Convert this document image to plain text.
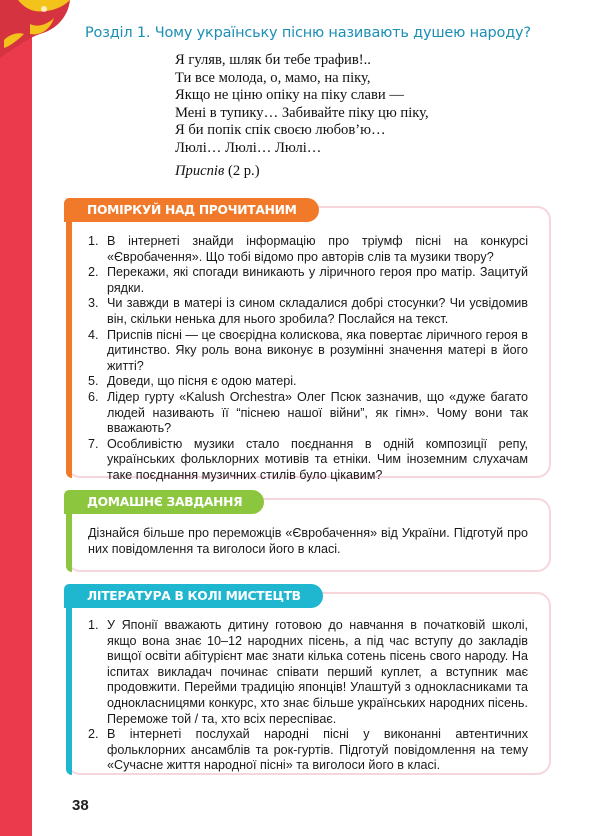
Розділ 1. Чому українську пісню називають душею народу?
Я гуляв, шляк би тебе трафив!..
Ти все молода, о, мамо, на піку,
Якщо не ціню опіку на піку слави —
Мені в тупику… Забивайте піку цю піку,
Я би попік спік своєю любов’ю…
Люлі… Люлі… Люлі…
Приспів (2 р.)
ПОМІРКУЙ НАД ПРОЧИТАНИМ
1. В інтернеті знайди інформацію про тріумф пісні на конкурсі «Євробачення». Що тобі відомо про авторів слів та музики твору?
2. Перекажи, які спогади виникають у ліричного героя про матір. Зацитуй рядки.
3. Чи завжди в матері із сином складалися добрі стосунки? Чи усвідомив він, скільки ненька для нього зробила? Послайся на текст.
4. Приспів пісні — це своєрідна колискова, яка повертає ліричного героя в дитинство. Яку роль вона виконує в розумінні значення матері в його житті?
5. Доведи, що пісня є одою матері.
6. Лідер гурту «Kalush Orchestra» Олег Псюк зазначив, що «дуже багато людей називають її “піснею нашої війни”, як гімн». Чому вони так вважають?
7. Особливістю музики стало поєднання в одній композиції репу, українських фольклорних мотивів та етніки. Чим іноземним слухачам таке поєднання музичних стилів було цікавим?
ДОМАШНЄ ЗАВДАННЯ
Дізнайся більше про переможців «Євробачення» від України. Підготуй про них повідомлення та виголоси його в класі.
ЛІТЕРАТУРА В КОЛІ МИСТЕЦТВ
1. У Японії вважають дитину готовою до навчання в початковій школі, якщо вона знає 10–12 народних пісень, а під час вступу до закладів вищої освіти абітурієнт має знати кілька сотень пісень свого народу. На іспитах викладач починає співати перший куплет, а вступник має продовжити. Перейми традицію японців! Улаштуй з однокласниками та однокласницями конкурс, хто знає більше українських народних пісень. Переможе той / та, хто всіх переспіває.
2. В інтернеті послухай народні пісні у виконанні автентичних фольклорних ансамблів та рок-гуртів. Підготуй повідомлення на тему «Сучасне життя народної пісні» та виголоси його в класі.
38
